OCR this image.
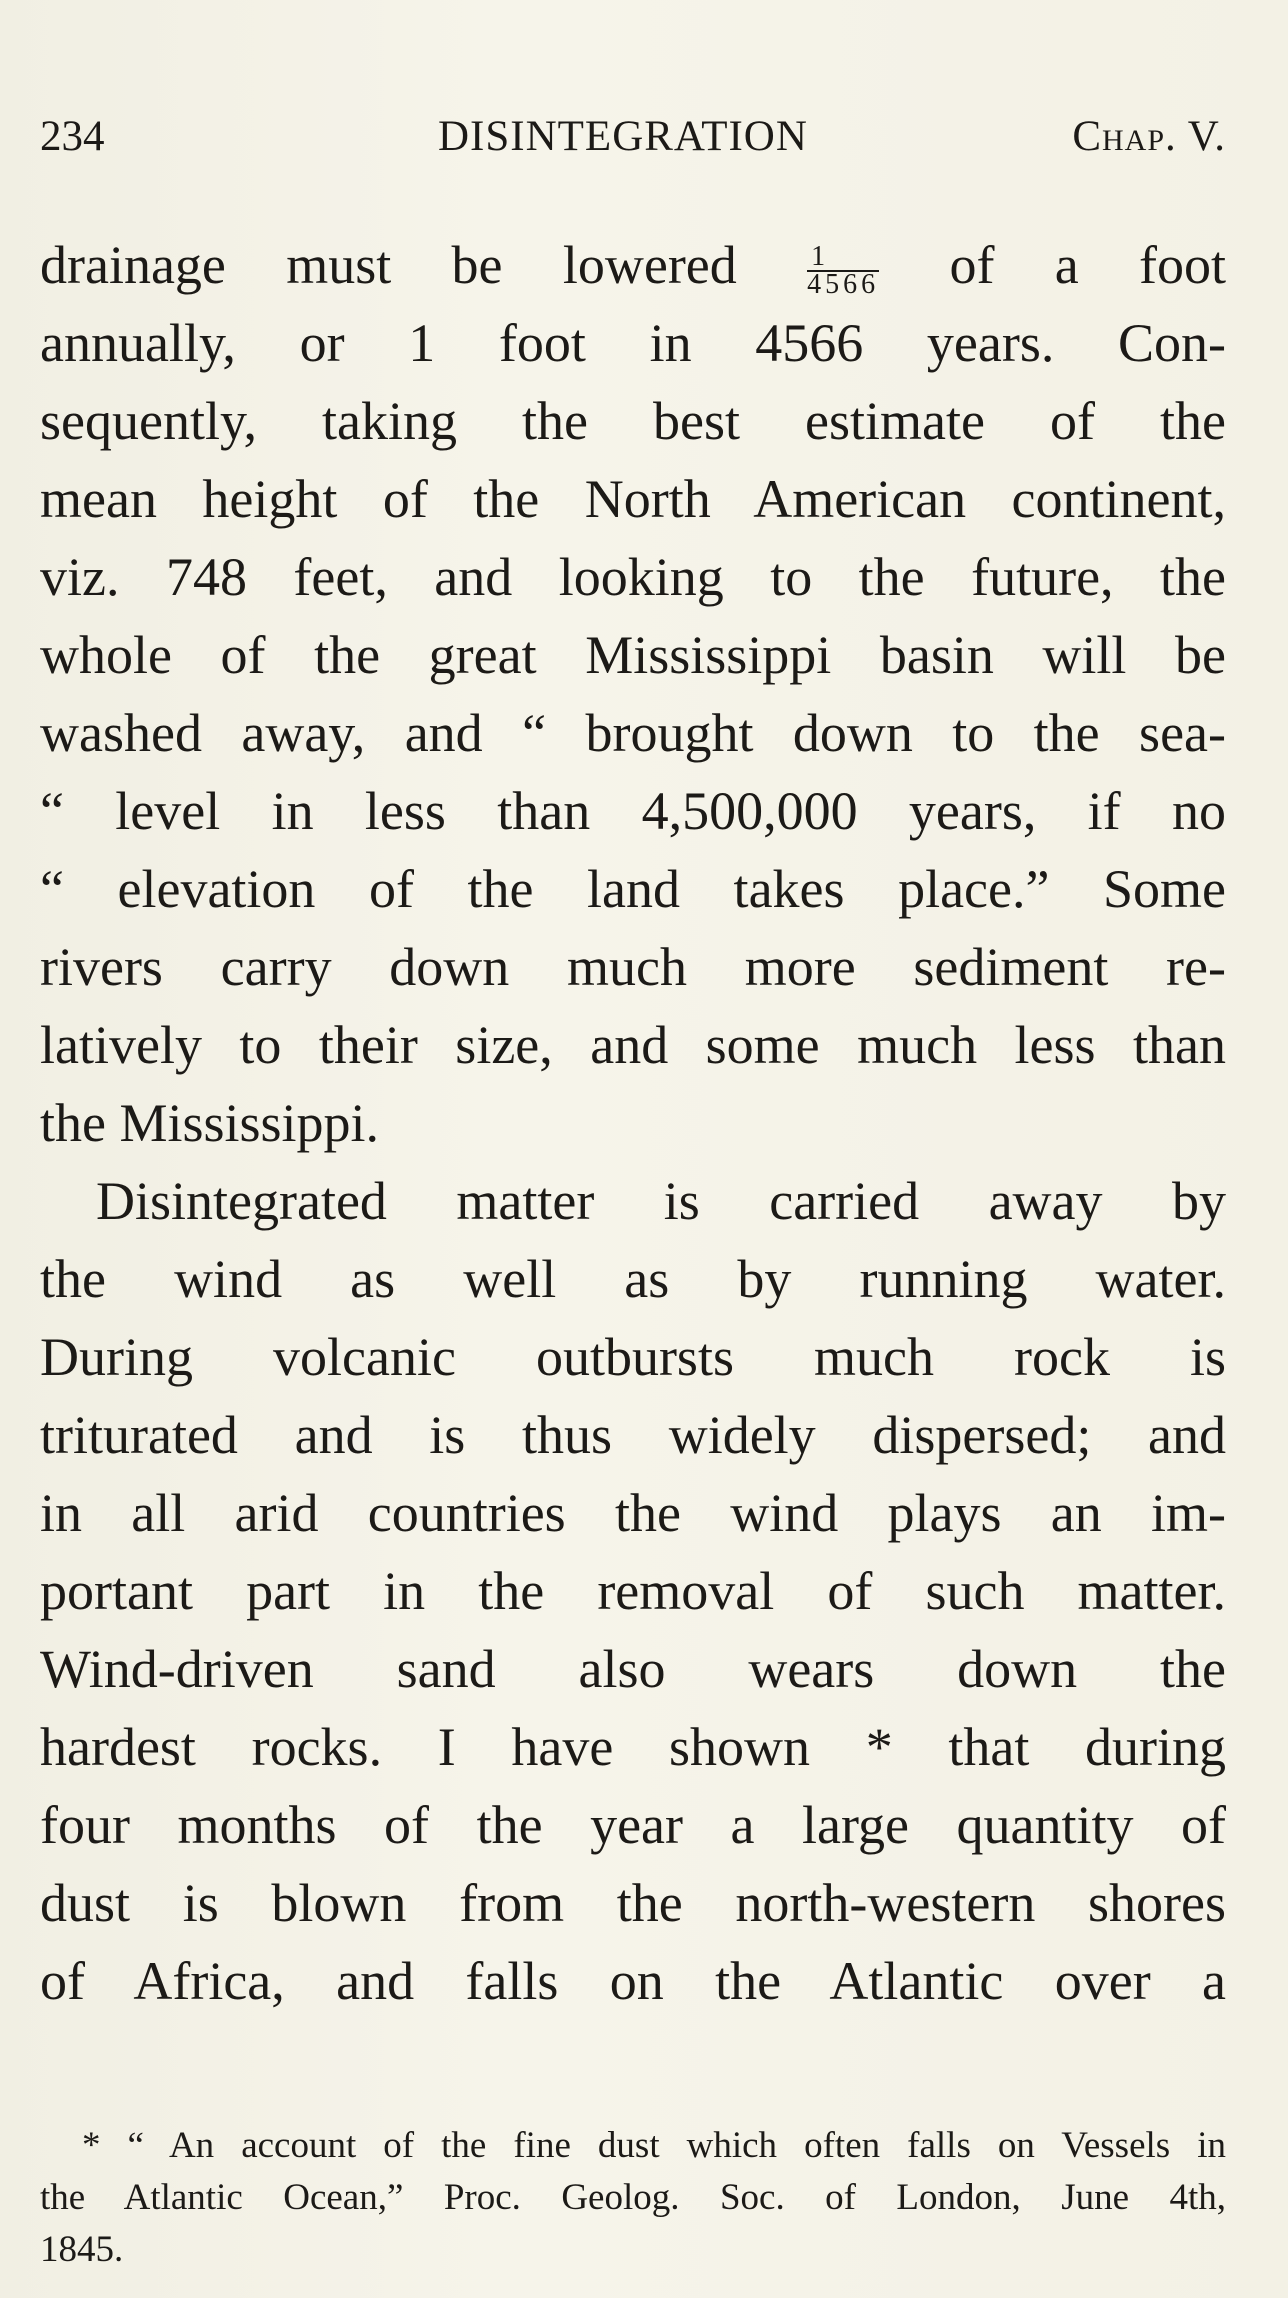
234	DISINTEGRATION	Chap. V.
drainage must be lowered	$\frac{1}{4566}$ of a foot
annually, or 1 foot in 4566 years. Con-
sequently, taking the best estimate of the
mean height of the North American continent,
viz. 748 feet, and looking to the future, the
whole of the great Mississippi basin will be
washed away, and “ brought down to the sea-
“ level in less than 4,500,000 years, if no
“ elevation of the land takes place.” Some
rivers carry down much more sediment re-
latively to their size, and some much less than
the Mississippi.
Disintegrated matter is carried away by
the wind as well as by running water.
During volcanic outbursts much rock is
triturated and is thus widely dispersed; and
in all arid countries the wind plays an im-
portant part in the removal of such matter.
Wind-driven sand also wears down the
hardest rocks. I have shown * that during
four months of the year a large quantity of
dust is blown from the north-western shores
of Africa, and falls on the Atlantic over a
* “ An account of the fine dust which often falls on Vessels in
the Atlantic Ocean,” Proc. Geolog. Soc. of London, June 4th,
1845.
